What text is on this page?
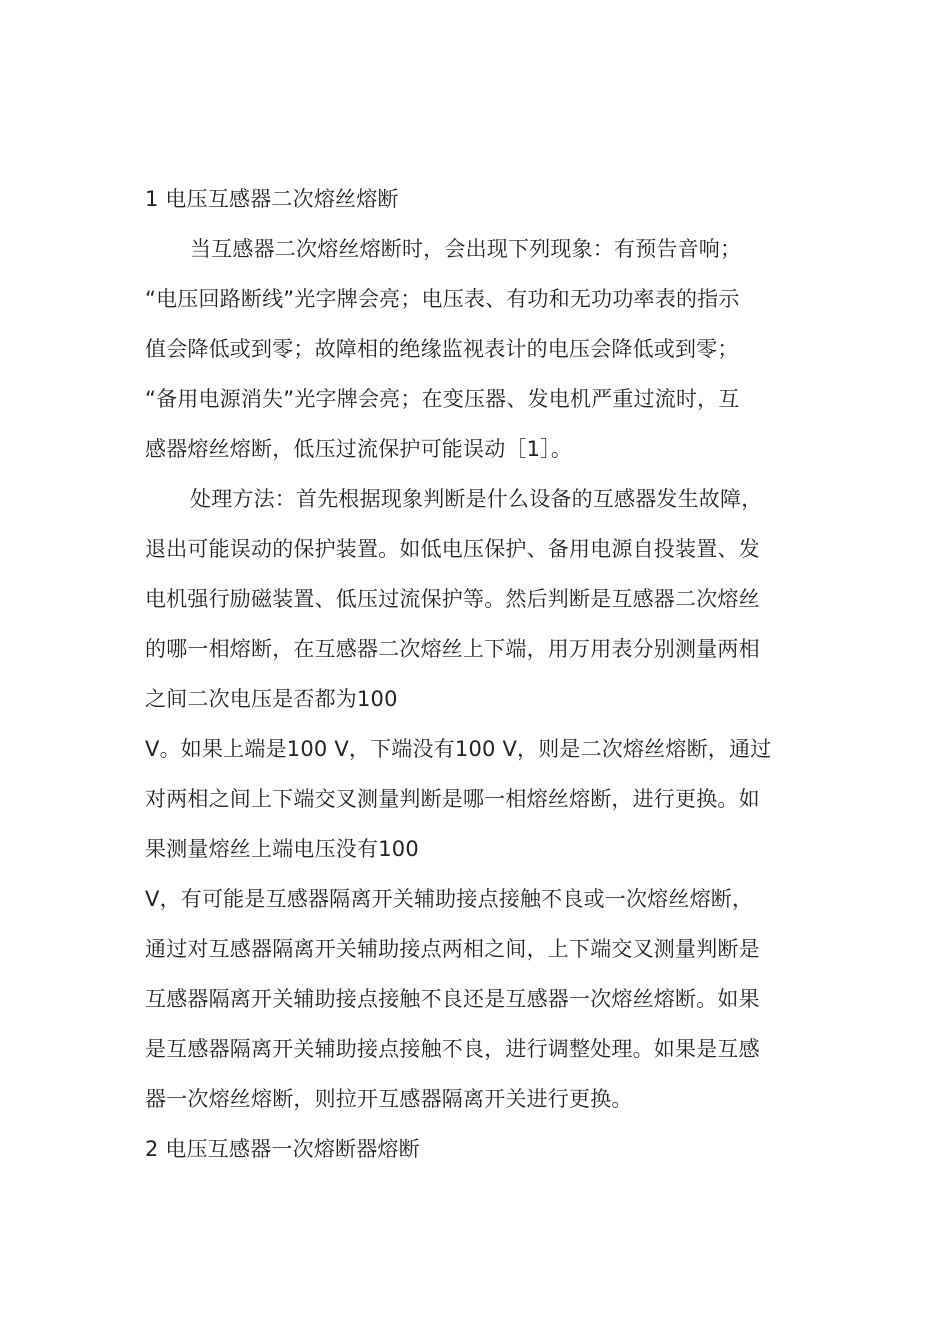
1 电压互感器二次熔丝熔断
当互感器二次熔丝熔断时，会出现下列现象：有预告音响；
“电压回路断线”光字牌会亮；电压表、有功和无功功率表的指示
值会降低或到零；故障相的绝缘监视表计的电压会降低或到零；
“备用电源消失”光字牌会亮；在变压器、发电机严重过流时，互
感器熔丝熔断，低压过流保护可能误动［1］。
处理方法：首先根据现象判断是什么设备的互感器发生故障，
退出可能误动的保护装置。如低电压保护、备用电源自投装置、发
电机强行励磁装置、低压过流保护等。然后判断是互感器二次熔丝
的哪一相熔断，在互感器二次熔丝上下端，用万用表分别测量两相
之间二次电压是否都为100
V。如果上端是100 V，下端没有100 V，则是二次熔丝熔断，通过
对两相之间上下端交叉测量判断是哪一相熔丝熔断，进行更换。如
果测量熔丝上端电压没有100
V，有可能是互感器隔离开关辅助接点接触不良或一次熔丝熔断，
通过对互感器隔离开关辅助接点两相之间，上下端交叉测量判断是
互感器隔离开关辅助接点接触不良还是互感器一次熔丝熔断。如果
是互感器隔离开关辅助接点接触不良，进行调整处理。如果是互感
器一次熔丝熔断，则拉开互感器隔离开关进行更换。
2 电压互感器一次熔断器熔断
